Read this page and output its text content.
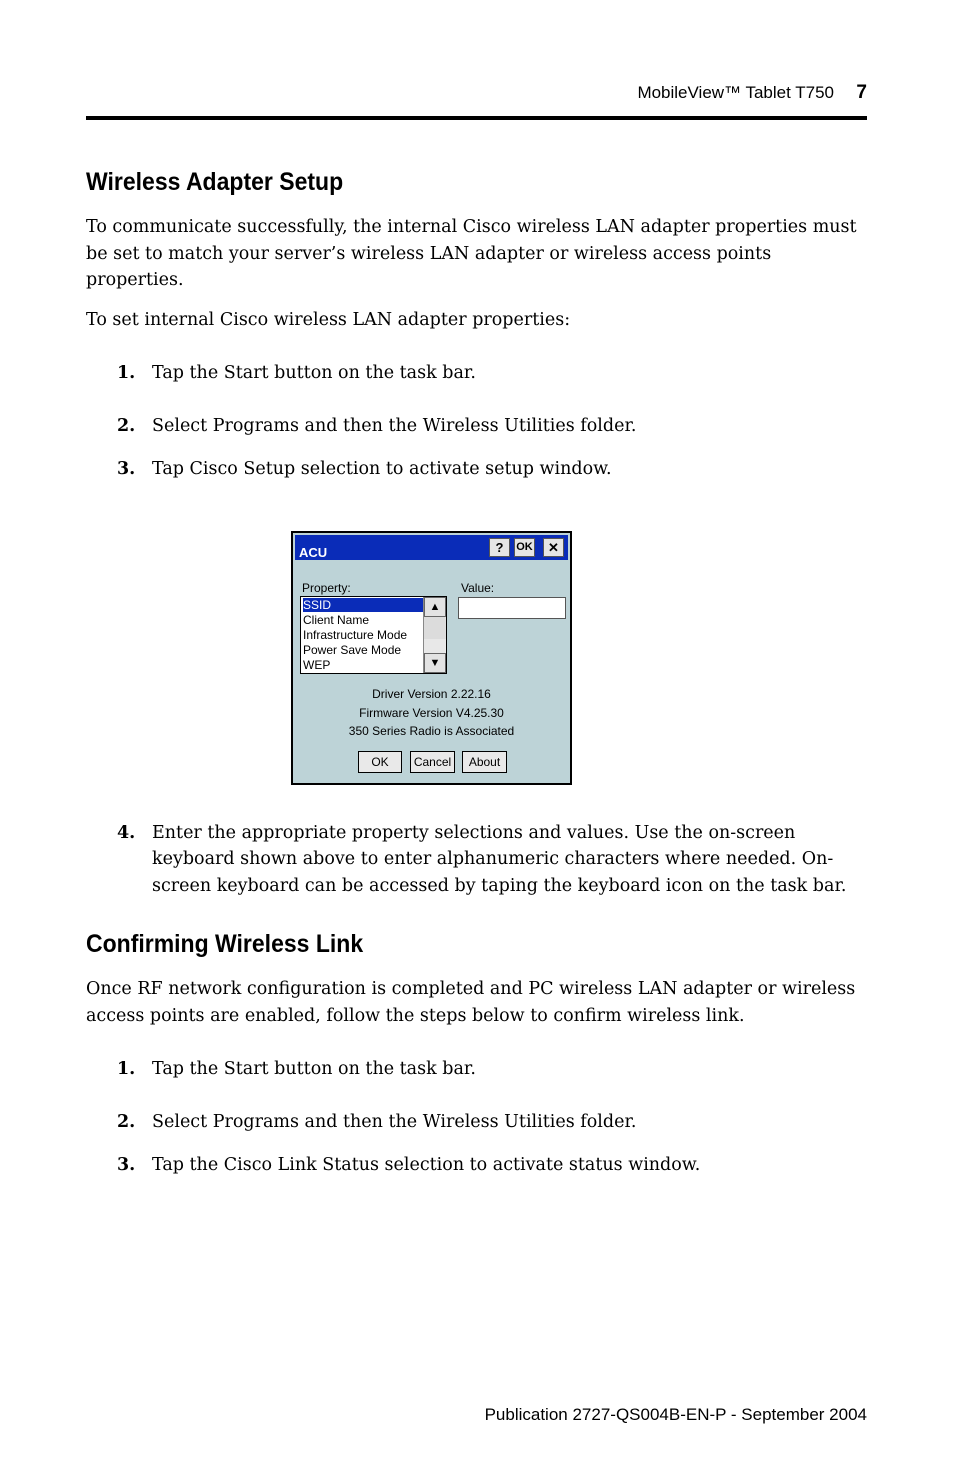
MobileView™ Tablet T750 7
Wireless Adapter Setup

To communicate successfully, the internal Cisco wireless LAN adapter properties must be set to match your server’s wireless LAN adapter or wireless access points properties.

To set internal Cisco wireless LAN adapter properties:

1. Tap the Start button on the task bar.
2. Select Programs and then the Wireless Utilities folder.
3. Tap Cisco Setup selection to activate setup window.
ACU	?	OK	✕
Property:	Value:
SSID
Client Name
Infrastructure Mode
Power Save Mode
WEP
▲
▼
Driver Version 2.22.16
Firmware Version V4.25.30
350 Series Radio is Associated
OK	Cancel	About
4. Enter the appropriate property selections and values. Use the on-screen keyboard shown above to enter alphanumeric characters where needed. On-screen keyboard can be accessed by taping the keyboard icon on the task bar.
Confirming Wireless Link

Once RF network configuration is completed and PC wireless LAN adapter or wireless access points are enabled, follow the steps below to confirm wireless link.

1. Tap the Start button on the task bar.
2. Select Programs and then the Wireless Utilities folder.
3. Tap the Cisco Link Status selection to activate status window.
Publication 2727-QS004B-EN-P - September 2004
